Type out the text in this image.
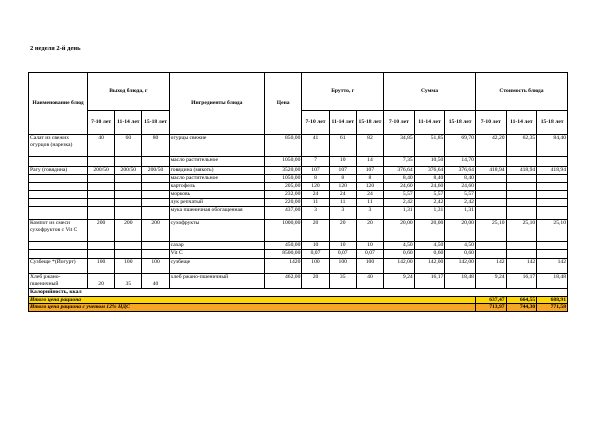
2 неделя 2-й день
Наименование блюд	Выход блюда, г			Ингредиенты блюда	Цена	Брутто, г			Сумма			Стоимость блюда		
	7-10 лет	11-14 лет	15-18 лет			7-10 лет	11-14 лет	15-18 лет	7-10 лет	11-14 лет	15-18 лет	7-10 лет	11-14 лет	15-18 лет
Салат из свежих огурцов (нарезка)	40	60	80	огурцы свежие	850,00	41	61	82	34,85	51,85	69,70	42,20	62,35	84,40
				масло растительное	1050,00	7	10	14	7,35	10,50	14,70			
Рагу (говядина)	200/50	200/50	200/50	говядина (мякоть)	3520,00	107	107	107	376,64	376,64	376,64	418,94	418,94	418,94
				масло растительное	1050,00	8	8	8	8,40	8,40	8,40			
				картофель	205,00	120	120	120	24,60	24,60	24,60			
				морковь	232,00	24	24	24	5,57	5,57	5,57			
				лук репчатый	220,00	11	11	11	2,42	2,42	2,42			
				мука пшеничная обогащенная	437,00	3	3	3	1,31	1,31	1,31			
Компот из смеси сухофруктов с Vit C	200	200	200	сухофрукты	1000,00	20	20	20	20,00	20,00	20,00	25,10	25,10	25,10
				сахар	450,00	10	10	10	4,50	4,50	4,50			
				Vit C	8500,00	0,07	0,07	0,07	0,60	0,60	0,60			
Сузбеще *(Йогурт)	100	100	100	сузбеще	1420	100	100	100	142,00	142,00	142,00	142	142	142
Хлеб ржано-пшеничный	20	35	40	хлеб ржано-пшеничный	462,00	20	35	40	9,24	16,17	18,48	9,24	16,17	18,48
Калорийность, ккал														
Итого цена рациона												637,47	664,55	688,91
Итого цена рациона с учетом 12% НДС												713,97	744,30	771,58
